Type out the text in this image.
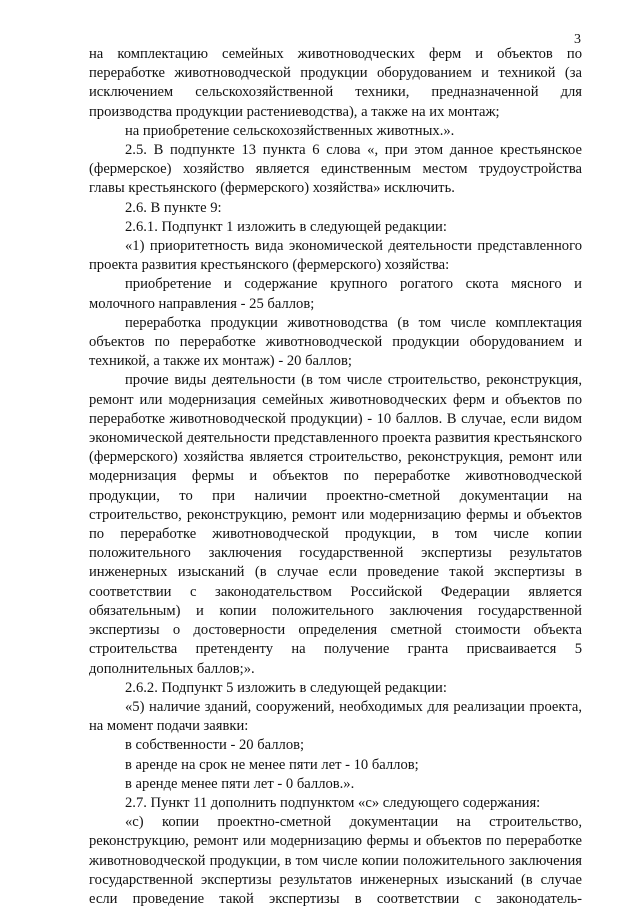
3

на комплектацию семейных животноводческих ферм и объектов по переработке животноводческой продукции оборудованием и техникой (за исключением сельскохозяйственной техники, предназначенной для производства продукции растениеводства), а также на их монтаж;

на приобретение сельскохозяйственных животных.».

2.5. В подпункте 13 пункта 6 слова «, при этом данное крестьянское (фермерское) хозяйство является единственным местом трудоустройства главы крестьянского (фермерского) хозяйства» исключить.

2.6. В пункте 9:

2.6.1. Подпункт 1 изложить в следующей редакции:

«1) приоритетность вида экономической деятельности представленного проекта развития крестьянского (фермерского) хозяйства:

приобретение и содержание крупного рогатого скота мясного и молочного направления - 25 баллов;

переработка продукции животноводства (в том числе комплектация объектов по переработке животноводческой продукции оборудованием и техникой, а также их монтаж) - 20 баллов;

прочие виды деятельности (в том числе строительство, реконструкция, ремонт или модернизация семейных животноводческих ферм и объектов по переработке животноводческой продукции) - 10 баллов. В случае, если видом экономической деятельности представленного проекта развития крестьянского (фермерского) хозяйства является строительство, реконструкция, ремонт или модернизация фермы и объектов по переработке животноводческой продукции, то при наличии проектно-сметной документации на строительство, реконструкцию, ремонт или модернизацию фермы и объектов по переработке животноводческой продукции, в том числе копии положительного заключения государственной экспертизы результатов инженерных изысканий (в случае если проведение такой экспертизы в соответствии с законодательством Российской Федерации является обязательным) и копии положительного заключения государственной экспертизы о достоверности определения сметной стоимости объекта строительства претенденту на получение гранта присваивается 5 дополнительных баллов;».

2.6.2. Подпункт 5 изложить в следующей редакции:

«5) наличие зданий, сооружений, необходимых для реализации проекта, на момент подачи заявки:

в собственности - 20 баллов;

в аренде на срок не менее пяти лет - 10 баллов;

в аренде менее пяти лет - 0 баллов.».

2.7. Пункт 11 дополнить подпунктом «с» следующего содержания:

«с) копии проектно-сметной документации на строительство, реконструкцию, ремонт или модернизацию фермы и объектов по переработке животноводческой продукции, в том числе копии положительного заключения государственной экспертизы результатов инженерных изысканий (в случае если проведение такой экспертизы в соответствии с законодатель-
